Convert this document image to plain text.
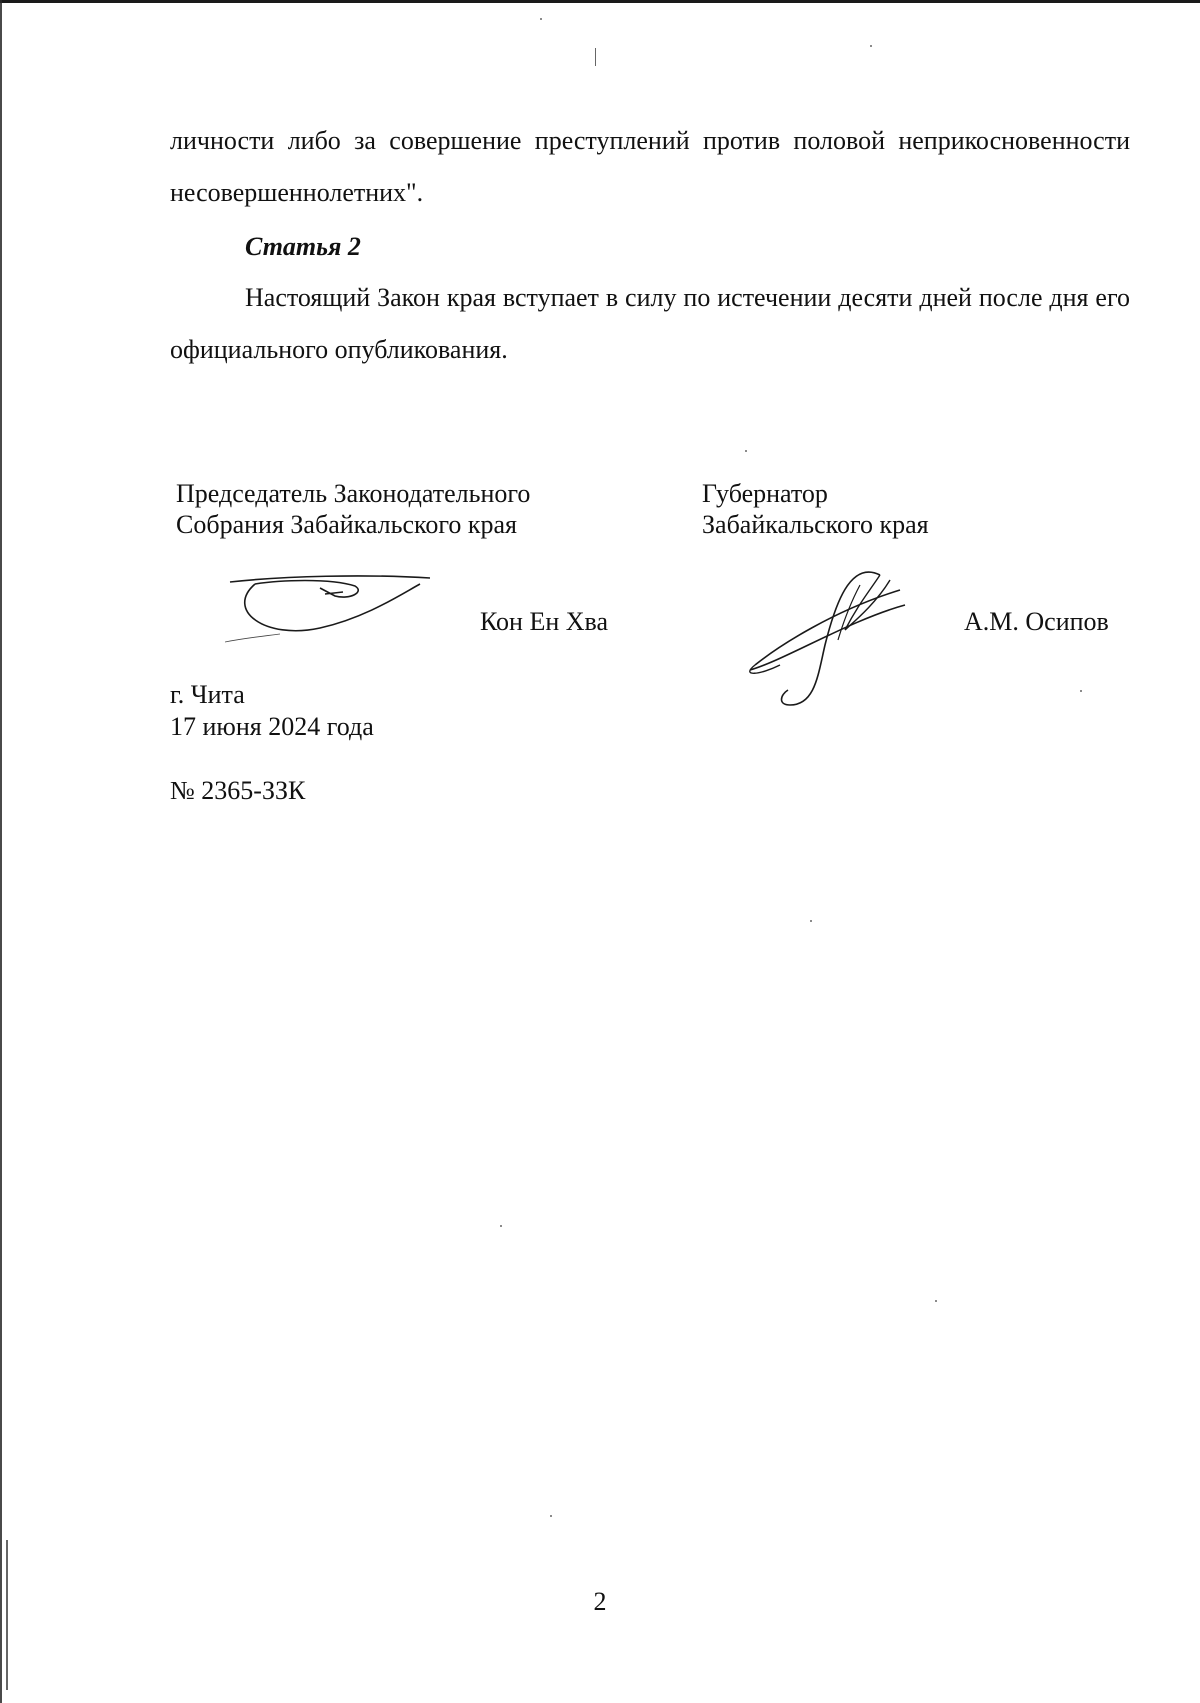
личности либо за совершение преступлений против половой неприкосновенности несовершеннолетних".

Статья 2

Настоящий Закон края вступает в силу по истечении десяти дней после дня его официального опубликования.

Председатель Законодательного
Собрания Забайкальского края
Губернатор
Забайкальского края

Кон Ен Хва	А.М. Осипов

г. Чита
17 июня 2024 года

№ 2365-ЗЗК

2
